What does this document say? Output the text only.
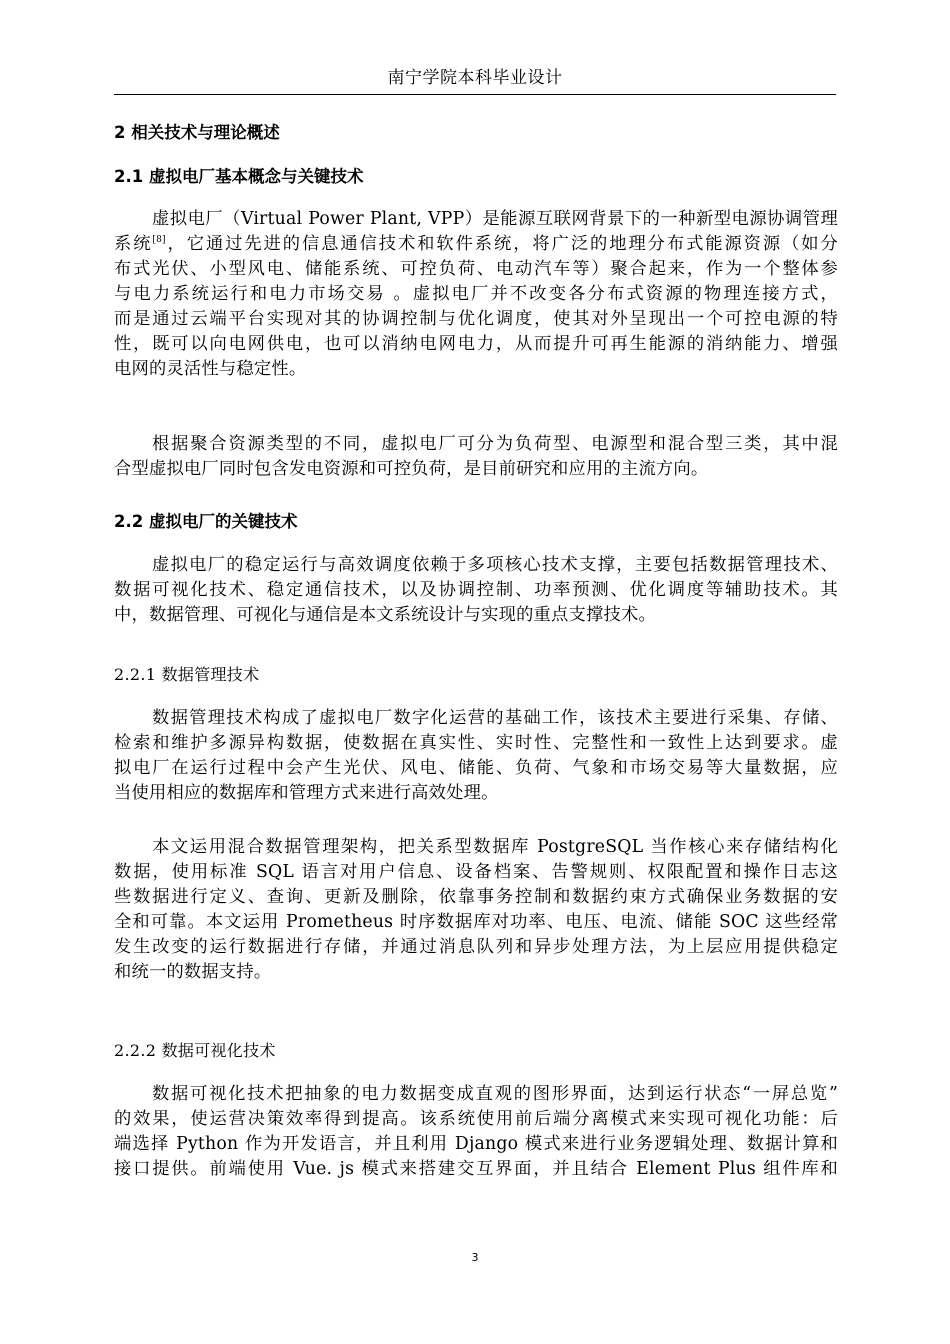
南宁学院本科毕业设计
2 相关技术与理论概述
2.1 虚拟电厂基本概念与关键技术
虚拟电厂（Virtual Power Plant, VPP）是能源互联网背景下的一种新型电源协调管理
系统[8]，它通过先进的信息通信技术和软件系统，将广泛的地理分布式能源资源（如分
布式光伏、小型风电、储能系统、可控负荷、电动汽车等）聚合起来，作为一个整体参
与电力系统运行和电力市场交易 。虚拟电厂并不改变各分布式资源的物理连接方式，
而是通过云端平台实现对其的协调控制与优化调度，使其对外呈现出一个可控电源的特
性，既可以向电网供电，也可以消纳电网电力，从而提升可再生能源的消纳能力、增强
电网的灵活性与稳定性。
根据聚合资源类型的不同，虚拟电厂可分为负荷型、电源型和混合型三类，其中混
合型虚拟电厂同时包含发电资源和可控负荷，是目前研究和应用的主流方向。
2.2 虚拟电厂的关键技术
虚拟电厂的稳定运行与高效调度依赖于多项核心技术支撑，主要包括数据管理技术、
数据可视化技术、稳定通信技术，以及协调控制、功率预测、优化调度等辅助技术。其
中，数据管理、可视化与通信是本文系统设计与实现的重点支撑技术。
2.2.1 数据管理技术
数据管理技术构成了虚拟电厂数字化运营的基础工作，该技术主要进行采集、存储、
检索和维护多源异构数据，使数据在真实性、实时性、完整性和一致性上达到要求。虚
拟电厂在运行过程中会产生光伏、风电、储能、负荷、气象和市场交易等大量数据，应
当使用相应的数据库和管理方式来进行高效处理。
本文运用混合数据管理架构，把关系型数据库 PostgreSQL 当作核心来存储结构化
数据，使用标准 SQL 语言对用户信息、设备档案、告警规则、权限配置和操作日志这
些数据进行定义、查询、更新及删除，依靠事务控制和数据约束方式确保业务数据的安
全和可靠。本文运用 Prometheus 时序数据库对功率、电压、电流、储能 SOC 这些经常
发生改变的运行数据进行存储，并通过消息队列和异步处理方法，为上层应用提供稳定
和统一的数据支持。
2.2.2 数据可视化技术
数据可视化技术把抽象的电力数据变成直观的图形界面，达到运行状态“一屏总览”
的效果，使运营决策效率得到提高。该系统使用前后端分离模式来实现可视化功能：后
端选择 Python 作为开发语言，并且利用 Django 模式来进行业务逻辑处理、数据计算和
接口提供。前端使用 Vue. js 模式来搭建交互界面，并且结合 Element Plus 组件库和
3
